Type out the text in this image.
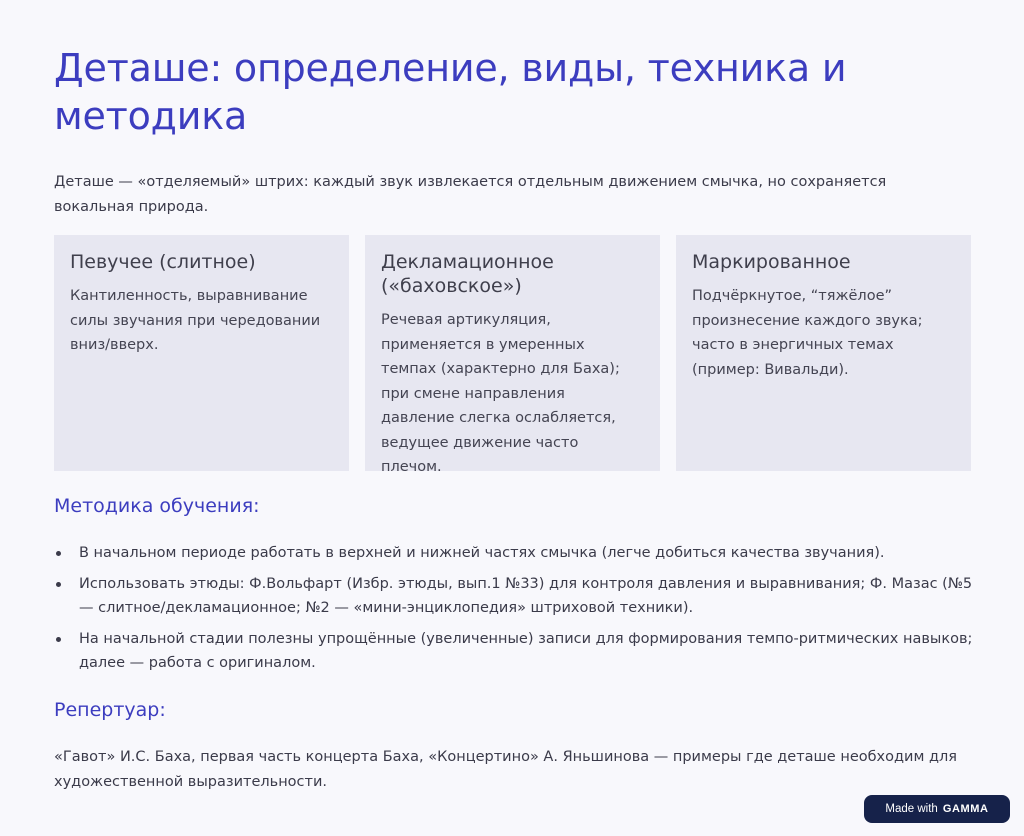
Деташе: определение, виды, техника и методика

Деташе — «отделяемый» штрих: каждый звук извлекается отдельным движением смычка, но сохраняется вокальная природа.

Певучее (слитное)

Кантиленность, выравнивание силы звучания при чередовании вниз/вверх.

Декламационное («баховское»)

Речевая артикуляция, применяется в умеренных темпах (характерно для Баха); при смене направления давление слегка ослабляется, ведущее движение часто плечом.

Маркированное

Подчёркнутое, “тяжёлое” произнесение каждого звука; часто в энергичных темах (пример: Вивальди).

Методика обучения:
В начальном периоде работать в верхней и нижней частях смычка (легче добиться качества звучания).
Использовать этюды: Ф.Вольфарт (Избр. этюды, вып.1 №33) для контроля давления и выравнивания; Ф. Мазас (№5 — слитное/декламационное; №2 — «мини-энциклопедия» штриховой техники).
На начальной стадии полезны упрощённые (увеличенные) записи для формирования темпо-ритмических навыков; далее — работа с оригиналом.
Репертуар:

«Гавот» И.С. Баха, первая часть концерта Баха, «Концертино» А. Яньшинова — примеры где деташе необходим для художественной выразительности.

Made with GAMMA
